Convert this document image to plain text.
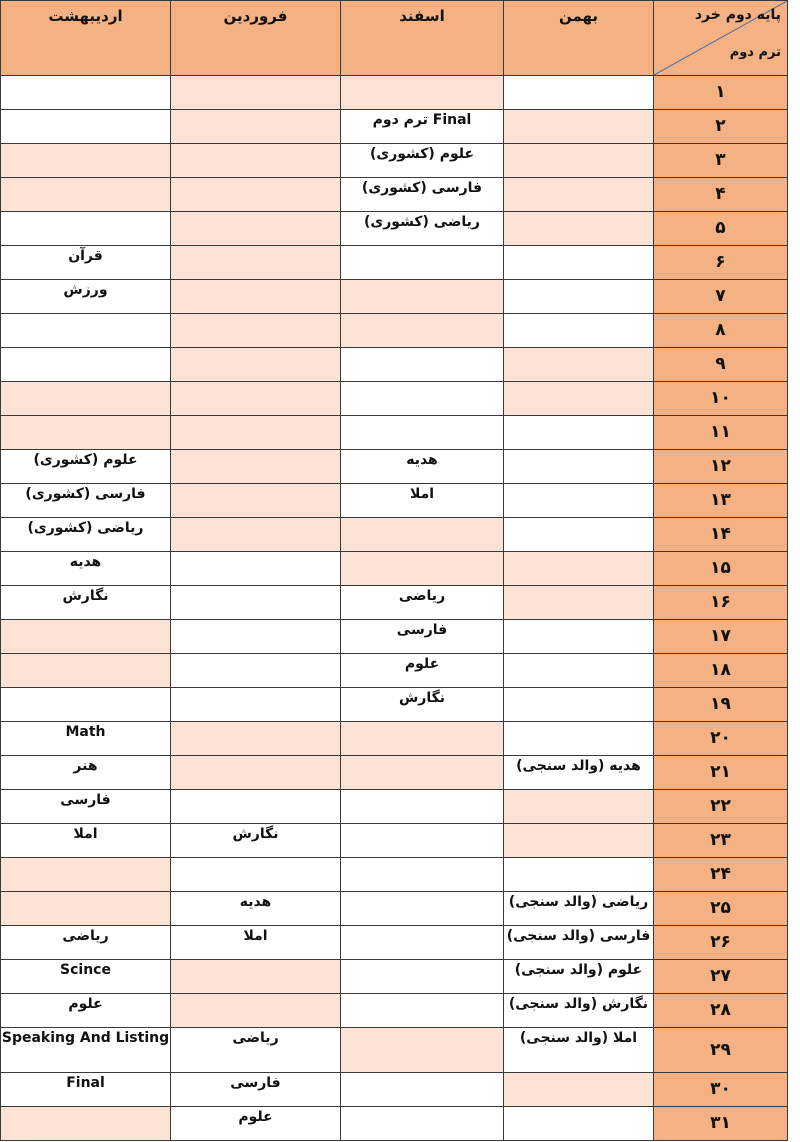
اردیبهشت	فروردین	اسفند	بهمن	پایه دوم خرد
ترم دوم

				۱
		ترم دوم Final		۲
		علوم (کشوری)		۳
		فارسی (کشوری)		۴
		ریاضی (کشوری)		۵
قرآن				۶
ورزش				۷
				۸
				۹
				۱۰
				۱۱
علوم (کشوری)		هدیه		۱۲
فارسی (کشوری)		املا		۱۳
ریاضی (کشوری)				۱۴
هدیه				۱۵
نگارش		ریاضی		۱۶
		فارسی		۱۷
		علوم		۱۸
		نگارش		۱۹
Math				۲۰
هنر			هدیه (والد سنجی)	۲۱
فارسی				۲۲
املا	نگارش			۲۳
				۲۴
	هدیه		ریاضی (والد سنجی)	۲۵
ریاضی	املا		فارسی (والد سنجی)	۲۶
Scince			علوم (والد سنجی)	۲۷
علوم			نگارش (والد سنجی)	۲۸
Speaking And Listing	ریاضی		املا (والد سنجی)	۲۹
Final	فارسی			۳۰
	علوم			۳۱
